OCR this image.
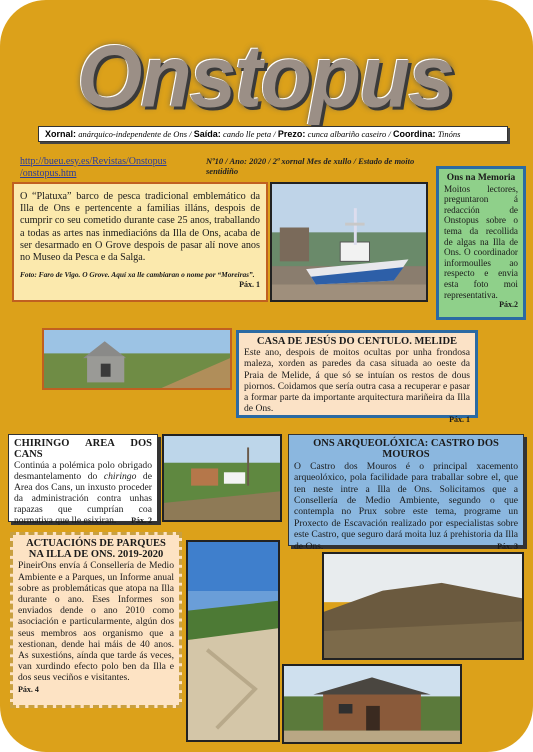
Onstopus
Xornal: anárquico-independente de Ons / Saída: cando lle peta / Prezo: cunca albariño caseiro / Coordina: Tinóns
http://bueu.esy.es/Revistas/Onstopus
/onstopus.htm
Nº10 / Ano: 2020 / 2ª xornal Mes de xullo / Estado de moito sentidiño

O “Platuxa” barco de pesca tradicional emblemático da Illa de Ons e pertencente a familias illáns, despois de cumprir co seu cometido durante case 25 anos, traballando a todas as artes nas inmediacións da Illa de Ons, acaba de ser desarmado en O Grove despois de pasar alí nove anos no Museo da Pesca e da Salga.

Foto: Faro de Vigo. O Grove. Aquí xa lle cambiaran o nome por “Moreiras”.

Páx. 1

Ons na Memoria

Moitos lectores, preguntaron á redacción de Onstopus sobre o tema da recollida de algas na Illa de Ons. O coordinador informoulles ao respecto e envia esta foto moi representativa.

Páx.2

CASA DE JESÚS DO CENTULO. MELIDE

Este ano, despois de moitos ocultas por unha frondosa maleza, xorden as paredes da casa situada ao oeste da Praia de Melide, á que só se intuían os restos de dous piornos. Coidamos que sería outra casa a recuperar e pasar a formar parte da importante arquitectura mariñeira da Illa de Ons.

Páx. 1

CHIRINGO AREA DOS CANS

Continúa a polémica polo obrigado desmantelamento do chiringo de Area dos Cans, un inxusto proceder da administración contra unhas rapazas que cumprían coa normativa que lle esixiran.	Páx. 2

ONS ARQUEOLÓXICA: CASTRO DOS MOUROS

O Castro dos Mouros é o principal xacemento arqueolóxico, pola facilidade para traballar sobre el, que ten neste intre a Illa de Ons. Solicitamos que a Consellería de Medio Ambiente, segundo o que contempla no Prux sobre este tema, programe un Proxecto de Escavación realizado por especialistas sobre este Castro, que seguro dará moita luz á prehistoria da Illa de Ons.	Páx. 3

ACTUACIÓNS DE PARQUES NA ILLA DE ONS. 2019-2020

PineirOns envía á Consellería de Medio Ambiente e a Parques, un Informe anual sobre as problemáticas que atopa na Illa durante o ano. Eses Informes son enviados dende o ano 2010 como asociación e particularmente, algún dos seus membros aos organismo que a xestionan, dende hai máis de 40 anos. As suxestións, aínda que tarde ás veces, van xurdindo efecto polo ben da Illa e dos seus veciños e visitantes.

Páx. 4
